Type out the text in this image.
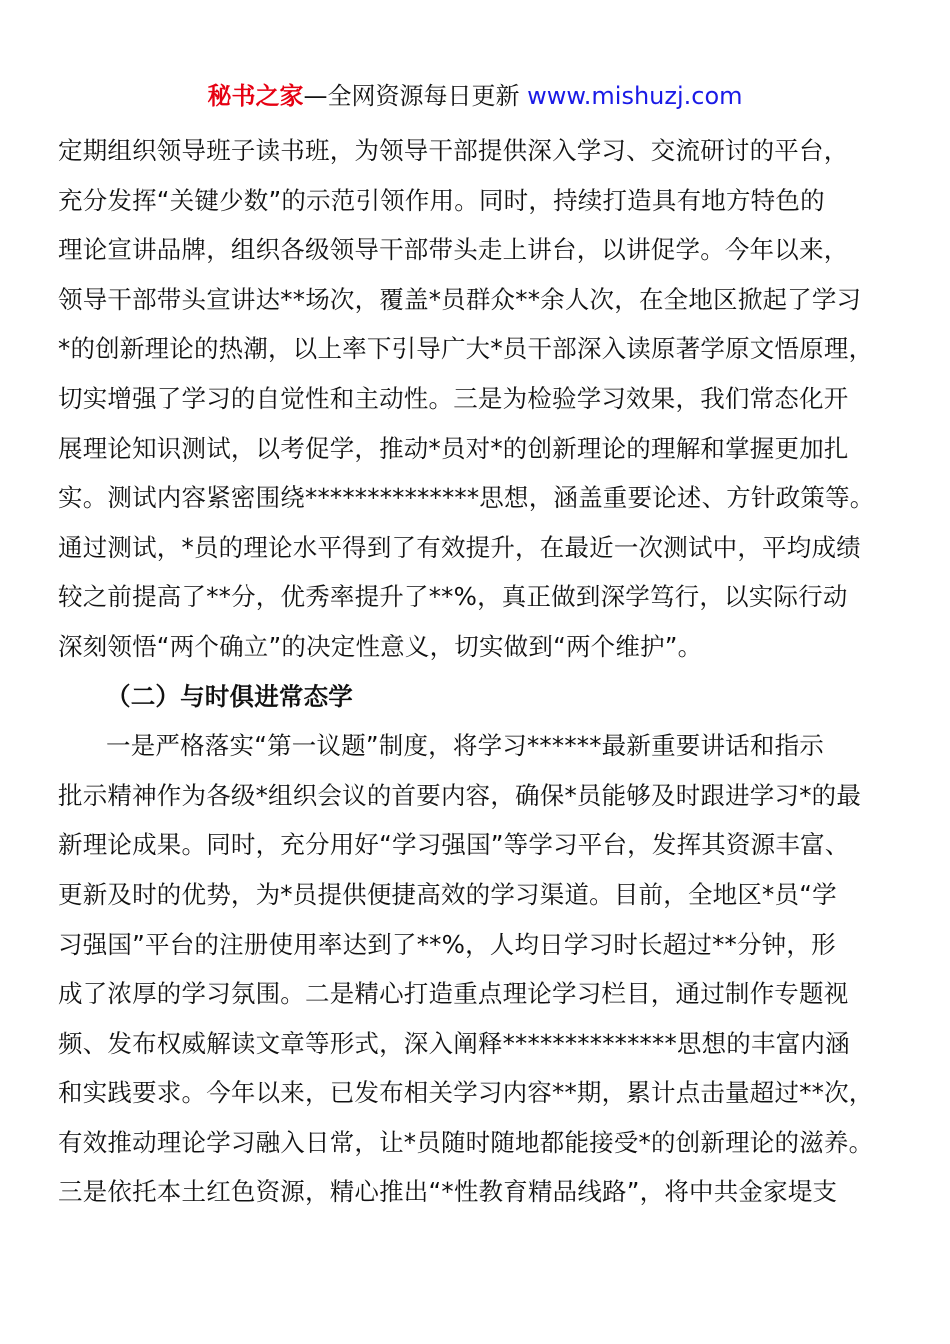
秘书之家—全网资源每日更新 www.mishuzj.com
定期组织领导班子读书班，为领导干部提供深入学习、交流研讨的平台，
充分发挥“关键少数”的示范引领作用。同时，持续打造具有地方特色的
理论宣讲品牌，组织各级领导干部带头走上讲台，以讲促学。今年以来，
领导干部带头宣讲达**场次，覆盖*员群众**余人次，在全地区掀起了学习
*的创新理论的热潮，以上率下引导广大*员干部深入读原著学原文悟原理，
切实增强了学习的自觉性和主动性。三是为检验学习效果，我们常态化开
展理论知识测试，以考促学，推动*员对*的创新理论的理解和掌握更加扎
实。测试内容紧密围绕**************思想，涵盖重要论述、方针政策等。
通过测试，*员的理论水平得到了有效提升，在最近一次测试中，平均成绩
较之前提高了**分，优秀率提升了**%，真正做到深学笃行，以实际行动
深刻领悟“两个确立”的决定性意义，切实做到“两个维护”。
（二）与时俱进常态学
一是严格落实“第一议题”制度，将学习******最新重要讲话和指示
批示精神作为各级*组织会议的首要内容，确保*员能够及时跟进学习*的最
新理论成果。同时，充分用好“学习强国”等学习平台，发挥其资源丰富、
更新及时的优势，为*员提供便捷高效的学习渠道。目前，全地区*员“学
习强国”平台的注册使用率达到了**%，人均日学习时长超过**分钟，形
成了浓厚的学习氛围。二是精心打造重点理论学习栏目，通过制作专题视
频、发布权威解读文章等形式，深入阐释**************思想的丰富内涵
和实践要求。今年以来，已发布相关学习内容**期，累计点击量超过**次，
有效推动理论学习融入日常，让*员随时随地都能接受*的创新理论的滋养。
三是依托本土红色资源，精心推出“*性教育精品线路”，将中共金家堤支
